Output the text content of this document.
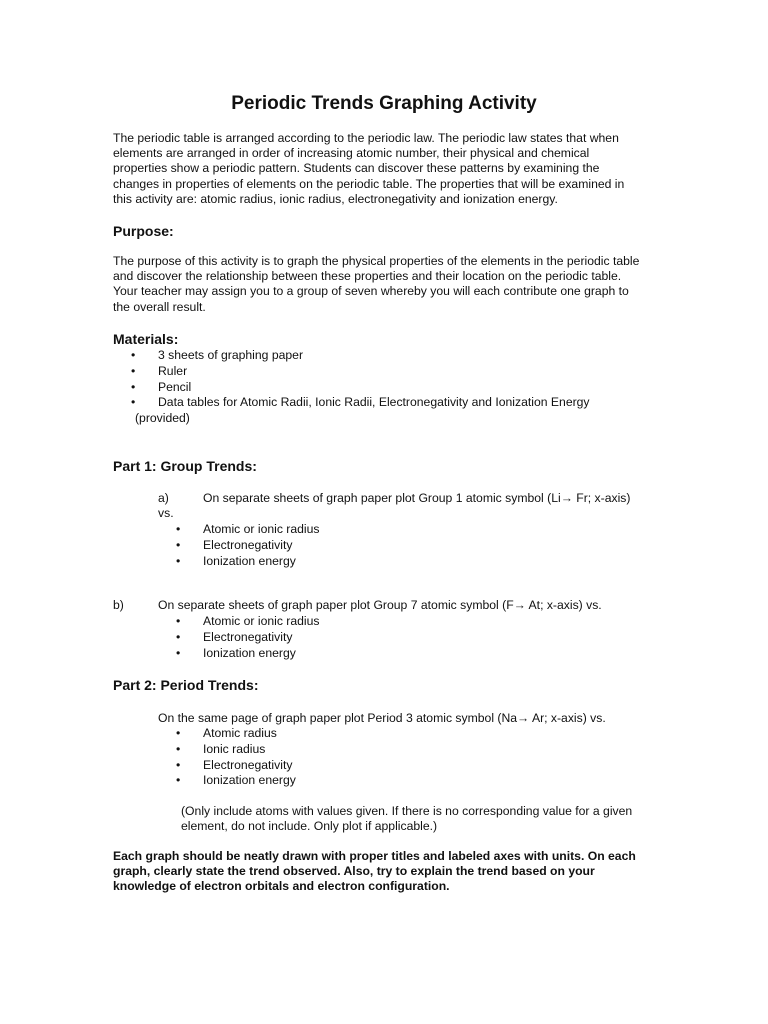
Periodic Trends Graphing Activity

The periodic table is arranged according to the periodic law. The periodic law states that when
elements are arranged in order of increasing atomic number, their physical and chemical
properties show a periodic pattern. Students can discover these patterns by examining the
changes in properties of elements on the periodic table. The properties that will be examined in
this activity are: atomic radius, ionic radius, electronegativity and ionization energy.

Purpose:

The purpose of this activity is to graph the physical properties of the elements in the periodic table
and discover the relationship between these properties and their location on the periodic table.
Your teacher may assign you to a group of seven whereby you will each contribute one graph to
the overall result.

Materials:
• 3 sheets of graphing paper
• Ruler
• Pencil
• Data tables for Atomic Radii, Ionic Radii, Electronegativity and Ionization Energy
(provided)
Part 1: Group Trends:
a)	On separate sheets of graph paper plot Group 1 atomic symbol (Li→ Fr; x-axis)
vs.
• Atomic or ionic radius
• Electronegativity
• Ionization energy
b)	On separate sheets of graph paper plot Group 7 atomic symbol (F→ At; x-axis) vs.
• Atomic or ionic radius
• Electronegativity
• Ionization energy
Part 2: Period Trends:
On the same page of graph paper plot Period 3 atomic symbol (Na→ Ar; x-axis) vs.
• Atomic radius
• Ionic radius
• Electronegativity
• Ionization energy
(Only include atoms with values given. If there is no corresponding value for a given
element, do not include. Only plot if applicable.)

Each graph should be neatly drawn with proper titles and labeled axes with units. On each
graph, clearly state the trend observed. Also, try to explain the trend based on your
knowledge of electron orbitals and electron configuration.
